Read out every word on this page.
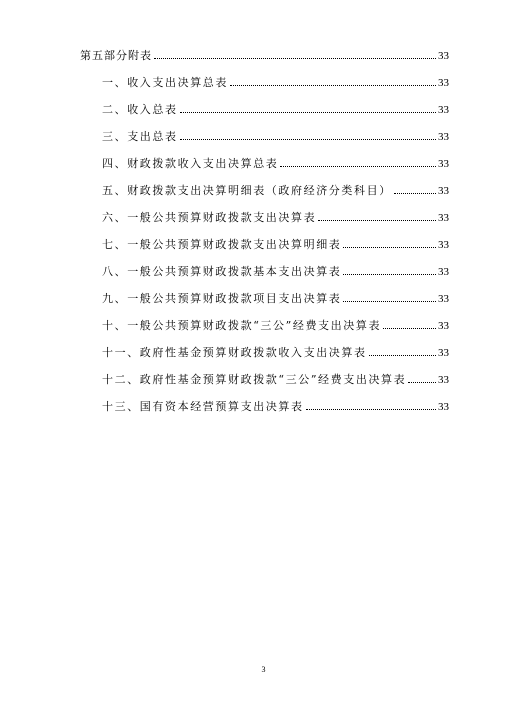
第五部分附表	33
一、收入支出决算总表	33
二、收入总表	33
三、支出总表	33
四、财政拨款收入支出决算总表	33
五、财政拨款支出决算明细表（政府经济分类科目）	33
六、一般公共预算财政拨款支出决算表	33
七、一般公共预算财政拨款支出决算明细表	33
八、一般公共预算财政拨款基本支出决算表	33
九、一般公共预算财政拨款项目支出决算表	33
十、一般公共预算财政拨款“三公”经费支出决算表	33
十一、政府性基金预算财政拨款收入支出决算表	33
十二、政府性基金预算财政拨款“三公”经费支出决算表	33
十三、国有资本经营预算支出决算表	33
3
